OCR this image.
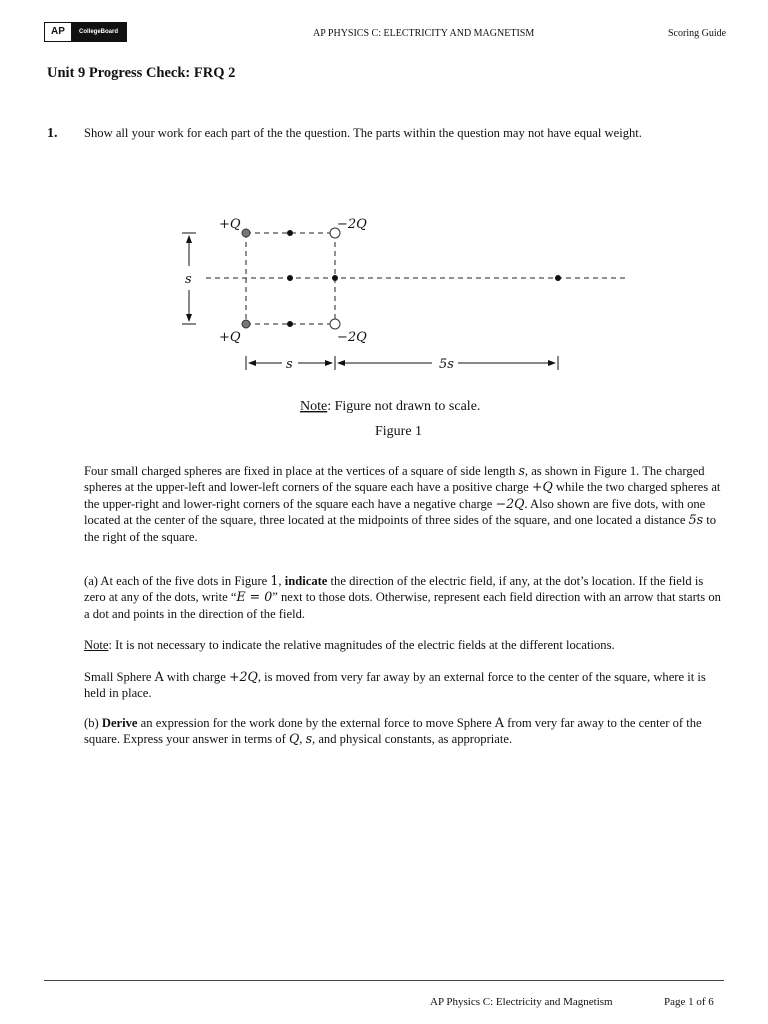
AP	CollegeBoard	AP PHYSICS C: ELECTRICITY AND MAGNETISM	Scoring Guide
Unit 9 Progress Check: FRQ 2
1. Show all your work for each part of the the question. The parts within the question may not have equal weight.
+Q	−2Q
+Q	−2Q
s
s	5s
Note: Figure not drawn to scale.
Figure 1

Four small charged spheres are fixed in place at the vertices of a square of side length s, as shown in Figure 1. The charged spheres at the upper-left and lower-left corners of the square each have a positive charge +Q while the two charged spheres at the upper-right and lower-right corners of the square each have a negative charge −2Q. Also shown are five dots, with one located at the center of the square, three located at the midpoints of three sides of the square, and one located a distance 5s to the right of the square.

(a) At each of the five dots in Figure 1, indicate the direction of the electric field, if any, at the dot’s location. If the field is zero at any of the dots, write “E = 0” next to those dots. Otherwise, represent each field direction with an arrow that starts on a dot and points in the direction of the field.

Note: It is not necessary to indicate the relative magnitudes of the electric fields at the different locations.

Small Sphere A with charge +2Q, is moved from very far away by an external force to the center of the square, where it is held in place.

(b) Derive an expression for the work done by the external force to move Sphere A from very far away to the center of the square. Express your answer in terms of Q, s, and physical constants, as appropriate.

AP Physics C: Electricity and Magnetism	Page 1 of 6
